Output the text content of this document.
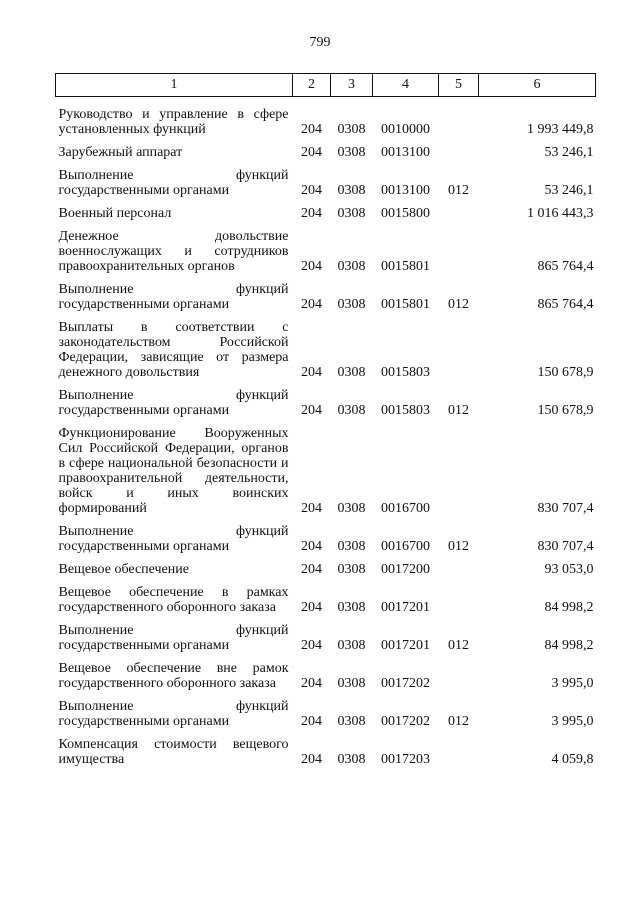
799
1	2	3	4	5	6
Руководство и управление в сфере установленных функций	204	0308	0010000		1 993 449,8
Зарубежный аппарат	204	0308	0013100		53 246,1
Выполнение функций государственными органами	204	0308	0013100	012	53 246,1
Военный персонал	204	0308	0015800		1 016 443,3
Денежное довольствие военнослужащих и сотрудников правоохранительных органов	204	0308	0015801		865 764,4
Выполнение функций государственными органами	204	0308	0015801	012	865 764,4
Выплаты в соответствии с законодательством Российской Федерации, зависящие от размера денежного довольствия	204	0308	0015803		150 678,9
Выполнение функций государственными органами	204	0308	0015803	012	150 678,9
Функционирование Вооруженных Сил Российской Федерации, органов в сфере национальной безопасности и правоохранительной деятельности, войск и иных воинских формирований	204	0308	0016700		830 707,4
Выполнение функций государственными органами	204	0308	0016700	012	830 707,4
Вещевое обеспечение	204	0308	0017200		93 053,0
Вещевое обеспечение в рамках государственного оборонного заказа	204	0308	0017201		84 998,2
Выполнение функций государственными органами	204	0308	0017201	012	84 998,2
Вещевое обеспечение вне рамок государственного оборонного заказа	204	0308	0017202		3 995,0
Выполнение функций государственными органами	204	0308	0017202	012	3 995,0
Компенсация стоимости вещевого имущества	204	0308	0017203		4 059,8
